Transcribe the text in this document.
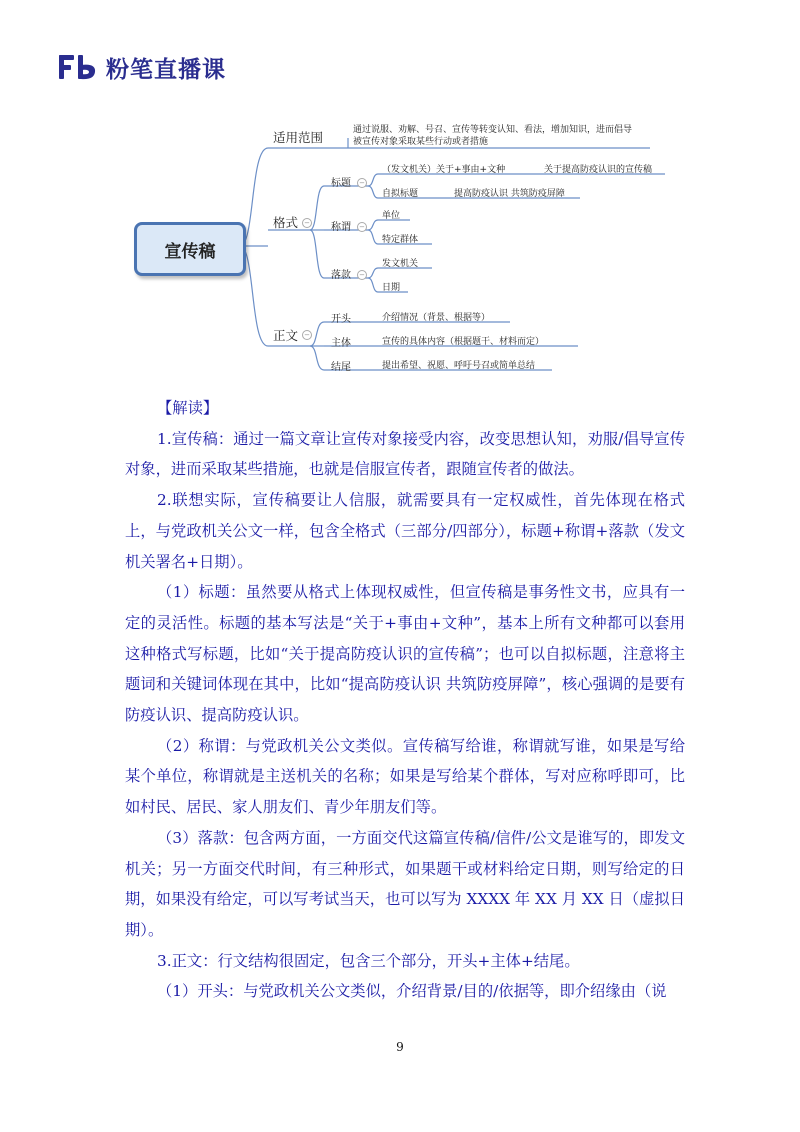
粉笔直播课
宣传稿
适用范围
格式
正文
−
−
通过说服、劝解、号召、宣传等转变认知、看法，增加知识，进而倡导
被宣传对象采取某些行动或者措施
标题
称谓
落款
−
−
−
（发文机关）关于+事由+文种	关于提高防疫认识的宣传稿
自拟标题	提高防疫认识 共筑防疫屏障
单位
特定群体
发文机关
日期
开头
主体
结尾
介绍情况（背景、根据等）
宣传的具体内容（根据题干、材料而定）
提出希望、祝愿、呼吁号召或简单总结

【解读】

1.宣传稿：通过一篇文章让宣传对象接受内容，改变思想认知，劝服/倡导宣传对象，进而采取某些措施，也就是信服宣传者，跟随宣传者的做法。

2.联想实际，宣传稿要让人信服，就需要具有一定权威性，首先体现在格式上，与党政机关公文一样，包含全格式（三部分/四部分），标题+称谓+落款（发文机关署名+日期）。

（1）标题：虽然要从格式上体现权威性，但宣传稿是事务性文书，应具有一定的灵活性。标题的基本写法是“关于+事由+文种”，基本上所有文种都可以套用这种格式写标题，比如“关于提高防疫认识的宣传稿”；也可以自拟标题，注意将主题词和关键词体现在其中，比如“提高防疫认识 共筑防疫屏障”，核心强调的是要有防疫认识、提高防疫认识。

（2）称谓：与党政机关公文类似。宣传稿写给谁，称谓就写谁，如果是写给某个单位，称谓就是主送机关的名称；如果是写给某个群体，写对应称呼即可，比如村民、居民、家人朋友们、青少年朋友们等。

（3）落款：包含两方面，一方面交代这篇宣传稿/信件/公文是谁写的，即发文机关；另一方面交代时间，有三种形式，如果题干或材料给定日期，则写给定的日期，如果没有给定，可以写考试当天，也可以写为 XXXX 年 XX 月 XX 日（虚拟日期）。

3.正文：行文结构很固定，包含三个部分，开头+主体+结尾。

（1）开头：与党政机关公文类似，介绍背景/目的/依据等，即介绍缘由（说

9
